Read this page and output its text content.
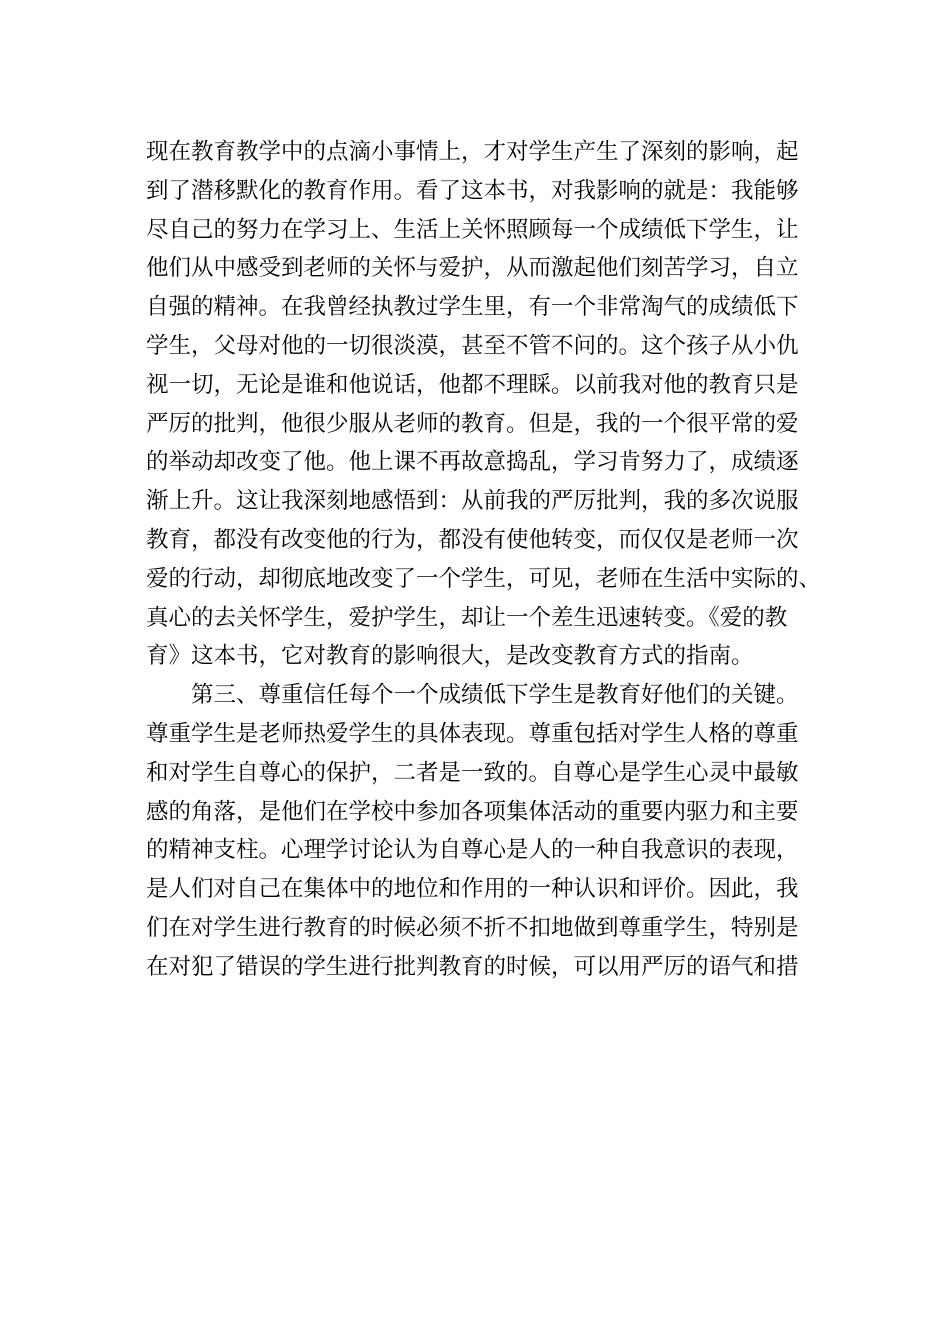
现在教育教学中的点滴小事情上，才对学生产生了深刻的影响，起
到了潜移默化的教育作用。看了这本书，对我影响的就是：我能够
尽自己的努力在学习上、生活上关怀照顾每一个成绩低下学生，让
他们从中感受到老师的关怀与爱护，从而激起他们刻苦学习，自立
自强的精神。在我曾经执教过学生里，有一个非常淘气的成绩低下
学生，父母对他的一切很淡漠，甚至不管不问的。这个孩子从小仇
视一切，无论是谁和他说话，他都不理睬。以前我对他的教育只是
严厉的批判，他很少服从老师的教育。但是，我的一个很平常的爱
的举动却改变了他。他上课不再故意捣乱，学习肯努力了，成绩逐
渐上升。这让我深刻地感悟到：从前我的严厉批判，我的多次说服
教育，都没有改变他的行为，都没有使他转变，而仅仅是老师一次
爱的行动，却彻底地改变了一个学生，可见，老师在生活中实际的、
真心的去关怀学生，爱护学生，却让一个差生迅速转变。《爱的教
育》这本书，它对教育的影响很大，是改变教育方式的指南。
第三、尊重信任每个一个成绩低下学生是教育好他们的关键。
尊重学生是老师热爱学生的具体表现。尊重包括对学生人格的尊重
和对学生自尊心的保护，二者是一致的。自尊心是学生心灵中最敏
感的角落，是他们在学校中参加各项集体活动的重要内驱力和主要
的精神支柱。心理学讨论认为自尊心是人的一种自我意识的表现，
是人们对自己在集体中的地位和作用的一种认识和评价。因此，我
们在对学生进行教育的时候必须不折不扣地做到尊重学生，特别是
在对犯了错误的学生进行批判教育的时候，可以用严厉的语气和措
